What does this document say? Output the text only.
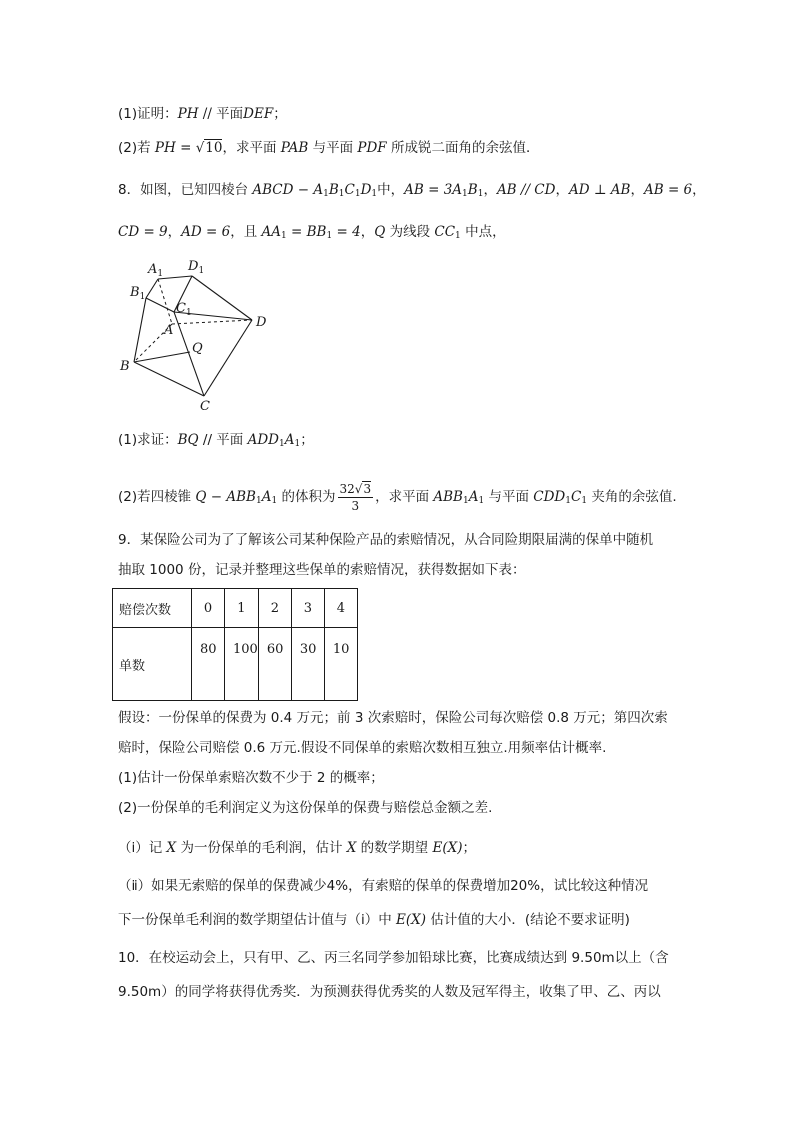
(1)证明：PH // 平面DEF；
(2)若 PH = √10，求平面 PAB 与平面 PDF 所成锐二面角的余弦值．
8．如图，已知四棱台 ABCD − $A_1B_1C_1D_1$中，AB = $3A_1B_1$，AB // CD，AD ⊥ AB，AB = 6，
CD = 9，AD = 6，且 $AA_1 = BB_1 = 4$，Q 为线段 $CC_1$ 中点，
$A_1$ $D_1$
$B_1$
$C_1$
A
D
B
C
Q
(1)求证：BQ // 平面 $ADD_1A_1$；
(2)若四棱锥 $Q - ABB_1A_1$ 的体积为 $\frac{32√3}{3}$ ，求平面 $ABB_1A_1$ 与平面 $CDD_1C_1$ 夹角的余弦值.
9．某保险公司为了了解该公司某种保险产品的索赔情况，从合同险期限届满的保单中随机
抽取 1000 份，记录并整理这些保单的索赔情况，获得数据如下表：
赔偿次数	0	1	2	3	4
单数	80	100	60	30	10
假设：一份保单的保费为 0.4 万元；前 3 次索赔时，保险公司每次赔偿 0.8 万元；第四次索
赔时，保险公司赔偿 0.6 万元.假设不同保单的索赔次数相互独立.用频率估计概率.
(1)估计一份保单索赔次数不少于 2 的概率；
(2)一份保单的毛利润定义为这份保单的保费与赔偿总金额之差.
（i）记 X 为一份保单的毛利润，估计 X 的数学期望 E(X)；
（ⅱ）如果无索赔的保单的保费减少4%，有索赔的保单的保费增加20%，试比较这种情况
下一份保单毛利润的数学期望估计值与（i）中 E(X) 估计值的大小．(结论不要求证明)
10．在校运动会上，只有甲、乙、丙三名同学参加铅球比赛，比赛成绩达到 9.50m以上（含
9.50m）的同学将获得优秀奖．为预测获得优秀奖的人数及冠军得主，收集了甲、乙、丙以
